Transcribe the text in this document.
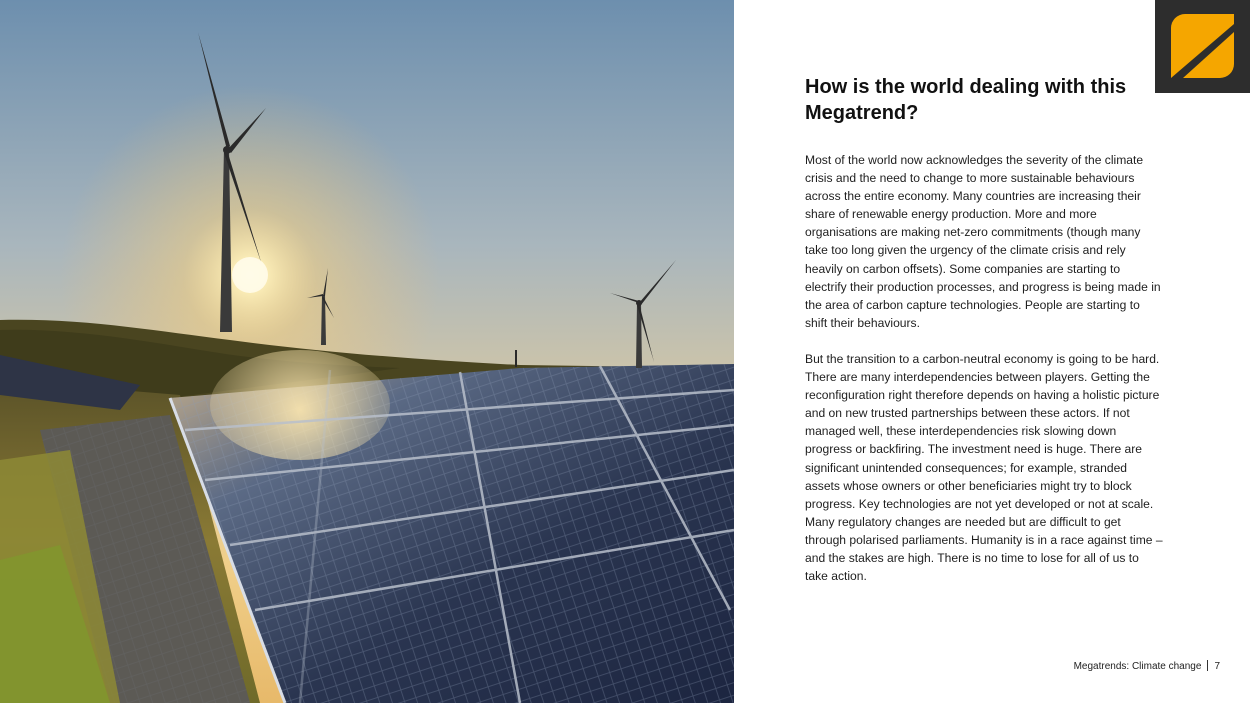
How is the world dealing with this Megatrend?

Most of the world now acknowledges the severity of the climate crisis and the need to change to more sustainable behaviours across the entire economy. Many countries are increasing their share of renewable energy production. More and more organisations are making net-zero commitments (though many take too long given the urgency of the climate crisis and rely heavily on carbon offsets). Some companies are starting to electrify their production processes, and progress is being made in the area of carbon capture technologies. People are starting to shift their behaviours.

But the transition to a carbon-neutral economy is going to be hard. There are many interdependencies between players. Getting the reconfiguration right therefore depends on having a holistic picture and on new trusted partnerships between these actors. If not managed well, these interdependencies risk slowing down progress or backfiring. The investment need is huge. There are significant unintended consequences; for example, stranded assets whose owners or other beneficiaries might try to block progress. Key technologies are not yet developed or not at scale. Many regulatory changes are needed but are difficult to get through polarised parliaments. Humanity is in a race against time – and the stakes are high. There is no time to lose for all of us to take action.

Megatrends: Climate change 7
